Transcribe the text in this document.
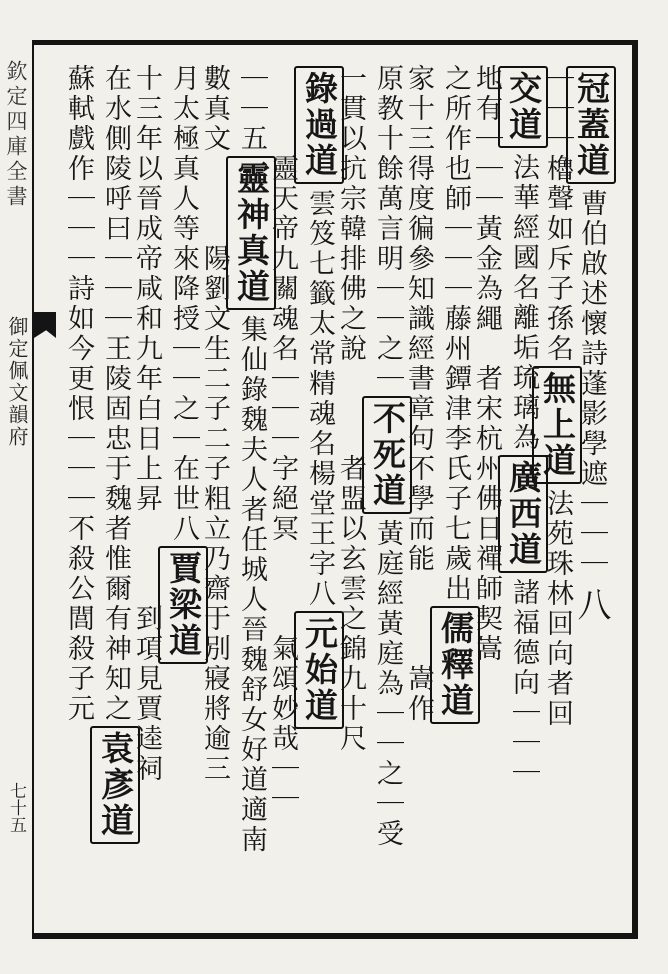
欽定四庫全書
御定佩文韻府
七十五
冠蓋道曹伯啟述懷詩蓬影學遮｜｜｜八
｜｜｜櫓聲如斥子孫名無上道法苑珠林回向者回
交道法華經國名離垢琉璃為廣西道諸福德向｜｜｜
地有｜｜｜黃金為繩　者宋杭州佛日禪師契嵩
之所作也師｜｜｜藤州鐔津李氏子七歲出儒釋道
家十三得度徧參知識經書章句不學而能　　　嵩作
原教十餘萬言明｜｜之｜不死道黃庭經黃庭為｜｜之｜受
一貫以抗宗韓排佛之說　　　者盟以玄雲之錦九十尺
錄過道雲笈七籤太常精魂名楊堂王字八元始道
　　　靈天帝九關魂名｜｜｜字絕冥　　　氣頌妙哉｜｜
｜｜五靈神真道集仙錄魏夫人者任城人晉魏舒女好道適南
數真文　　　陽劉文生二子二子粗立乃齋于別寢將逾三
月太極真人等來降授｜｜之｜在世八賈梁道
十三年以晉成帝咸和九年白日上昇　　　到項見賈逵祠
在水側陵呼曰｜｜｜王陵固忠于魏者惟爾有神知之袁彥道
蘇軾戲作｜｜｜詩如今更恨｜｜｜不殺公閭殺子元
